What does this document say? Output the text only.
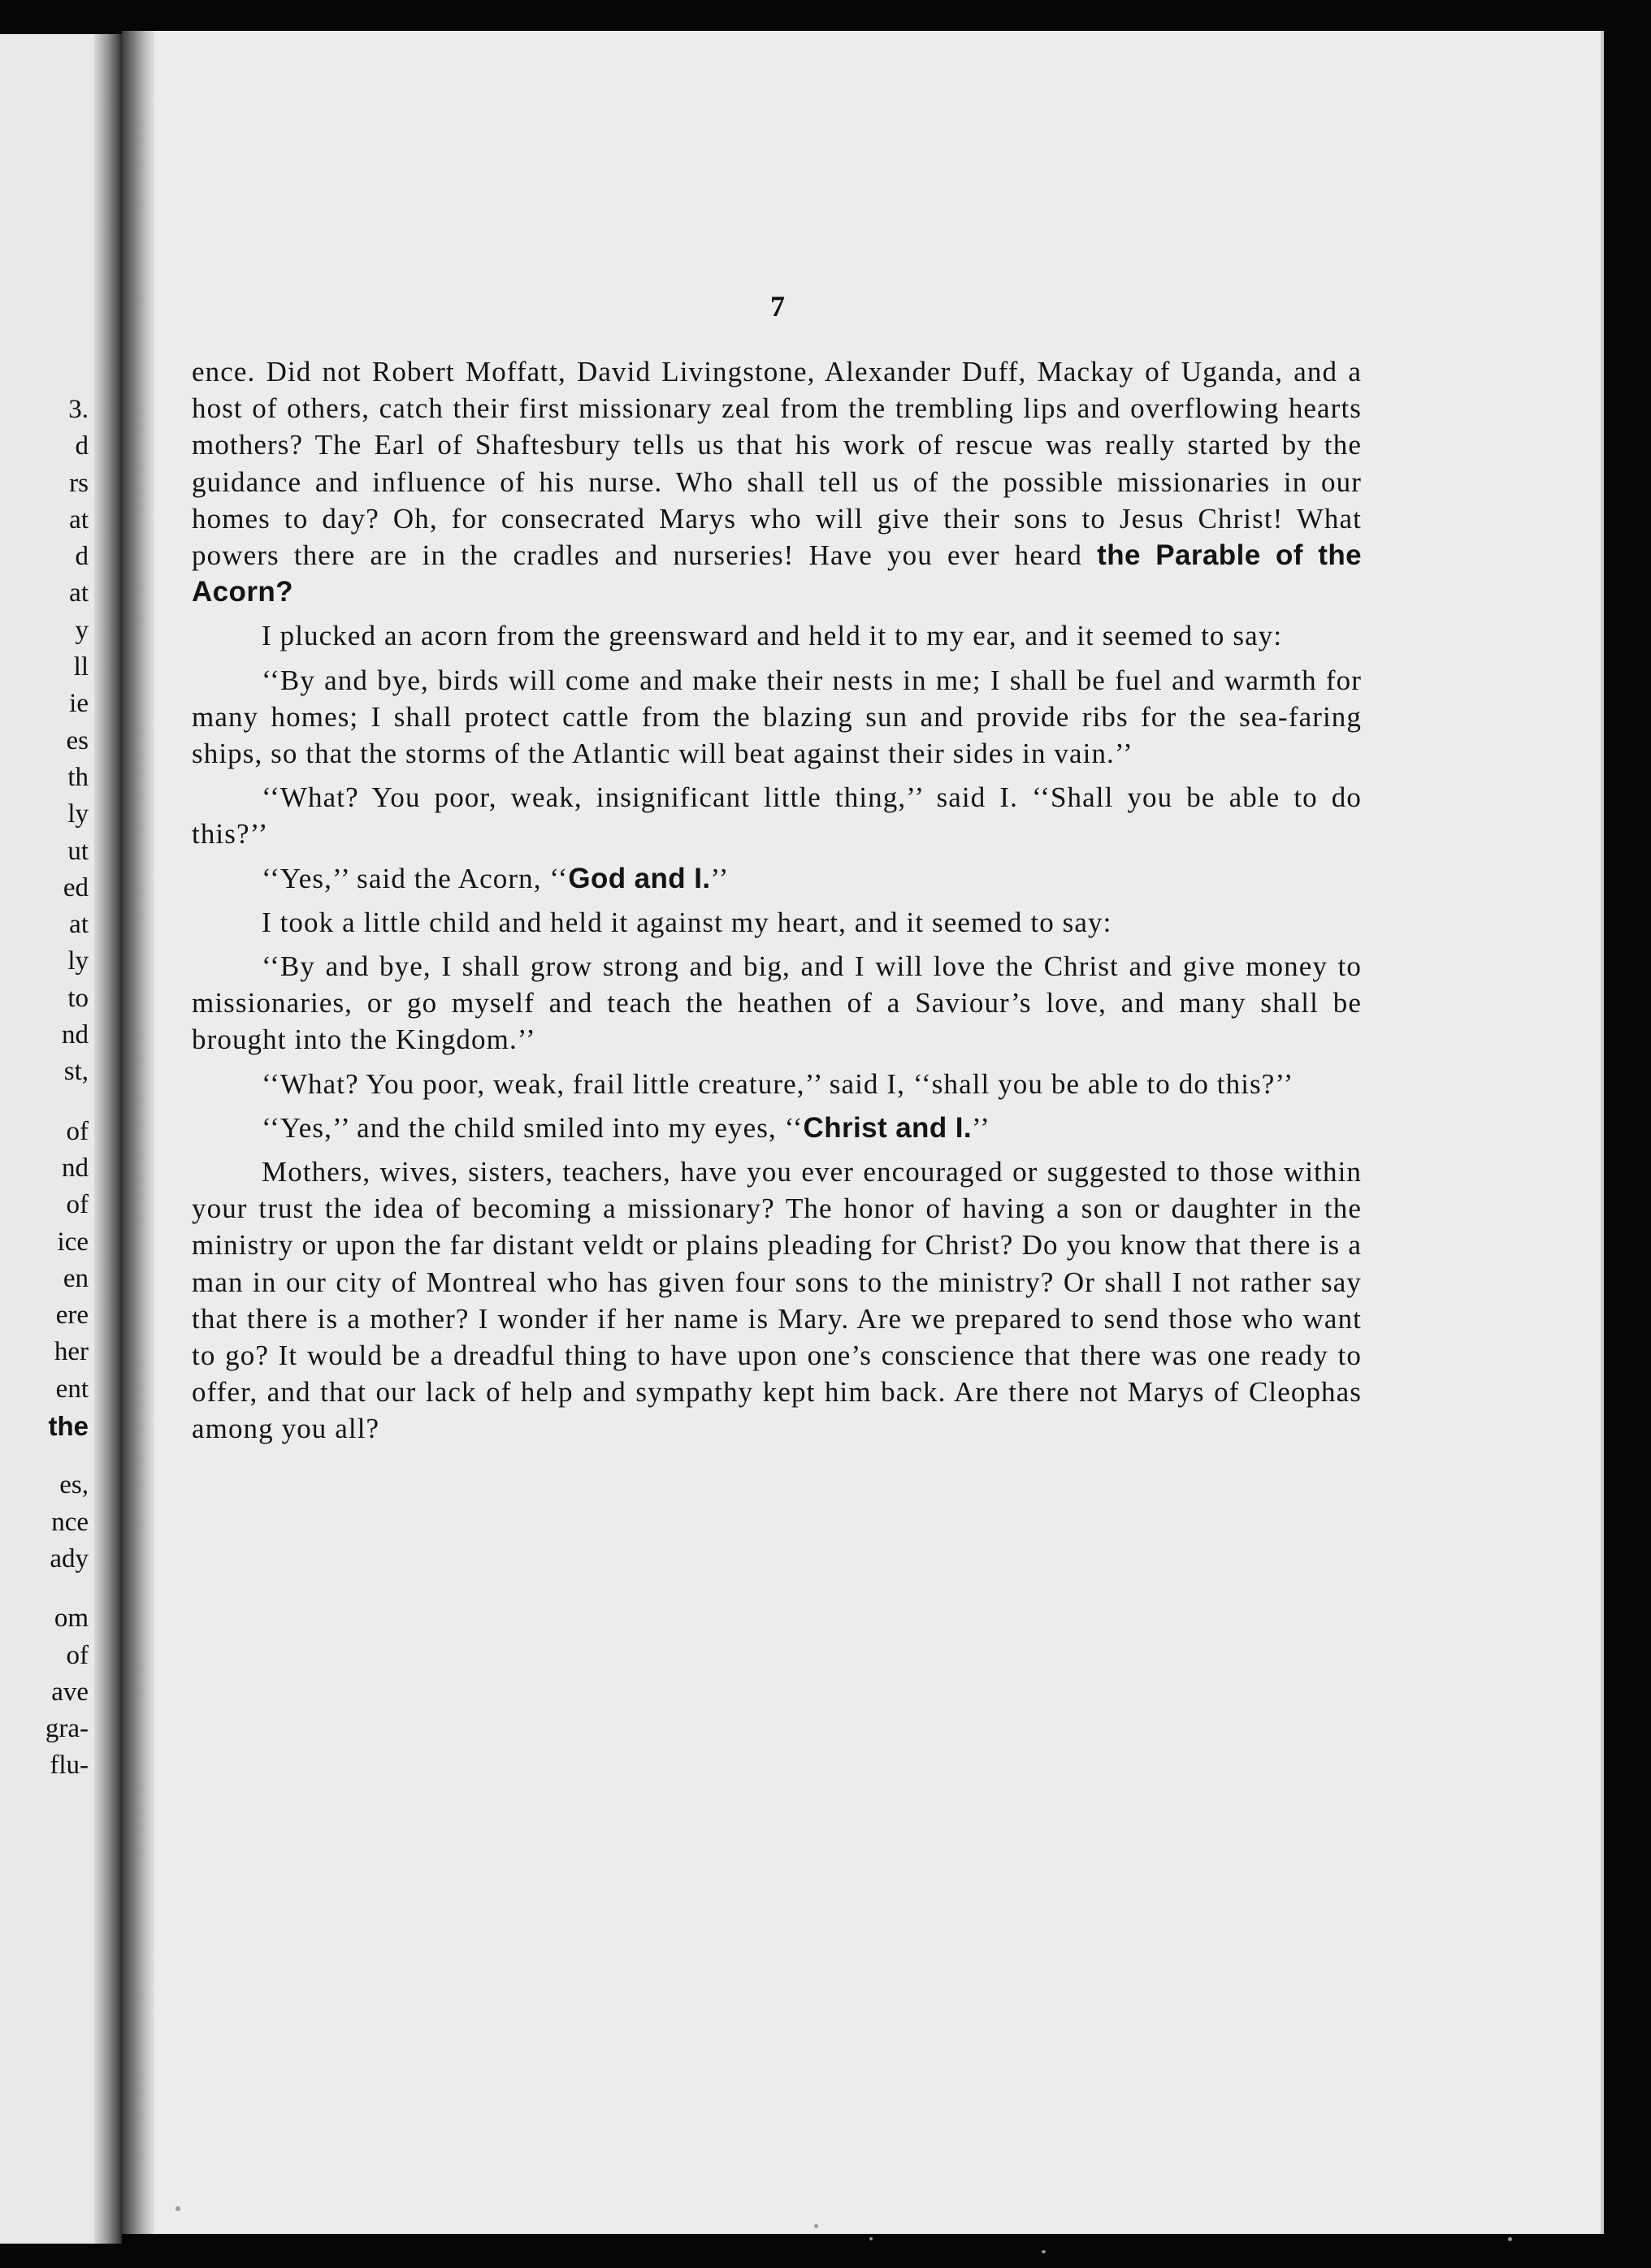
3.
d
rs
at
d
at
y
ll
ie
es
th
ly
ut
ed
at
ly
to
nd
st,
of
nd
of
ice
en
ere
her
ent
the
es,
nce
ady
om
of
ave
gra-
flu-
7

ence. Did not Robert Moffatt, David Livingstone, Alexander Duff, Mackay of Uganda, and a host of others, catch their first missionary zeal from the trembling lips and overflowing hearts mothers? The Earl of Shaftesbury tells us that his work of rescue was really started by the guidance and influence of his nurse. Who shall tell us of the possible missionaries in our homes to day? Oh, for consecrated Marys who will give their sons to Jesus Christ! What powers there are in the cradles and nurseries! Have you ever heard the Parable of the Acorn?

I plucked an acorn from the greensward and held it to my ear, and it seemed to say:

‘‘By and bye, birds will come and make their nests in me; I shall be fuel and warmth for many homes; I shall protect cattle from the blazing sun and provide ribs for the sea-faring ships, so that the storms of the Atlantic will beat against their sides in vain.’’

‘‘What? You poor, weak, insignificant little thing,’’ said I. ‘‘Shall you be able to do this?’’

‘‘Yes,’’ said the Acorn, ‘‘God and I.’’

I took a little child and held it against my heart, and it seemed to say:

‘‘By and bye, I shall grow strong and big, and I will love the Christ and give money to missionaries, or go myself and teach the heathen of a Saviour’s love, and many shall be brought into the Kingdom.’’

‘‘What? You poor, weak, frail little creature,’’ said I, ‘‘shall you be able to do this?’’

‘‘Yes,’’ and the child smiled into my eyes, ‘‘Christ and I.’’

Mothers, wives, sisters, teachers, have you ever encouraged or suggested to those within your trust the idea of becoming a missionary? The honor of having a son or daughter in the ministry or upon the far distant veldt or plains pleading for Christ? Do you know that there is a man in our city of Montreal who has given four sons to the ministry? Or shall I not rather say that there is a mother? I wonder if her name is Mary. Are we prepared to send those who want to go? It would be a dreadful thing to have upon one’s conscience that there was one ready to offer, and that our lack of help and sympathy kept him back. Are there not Marys of Cleophas among you all?
